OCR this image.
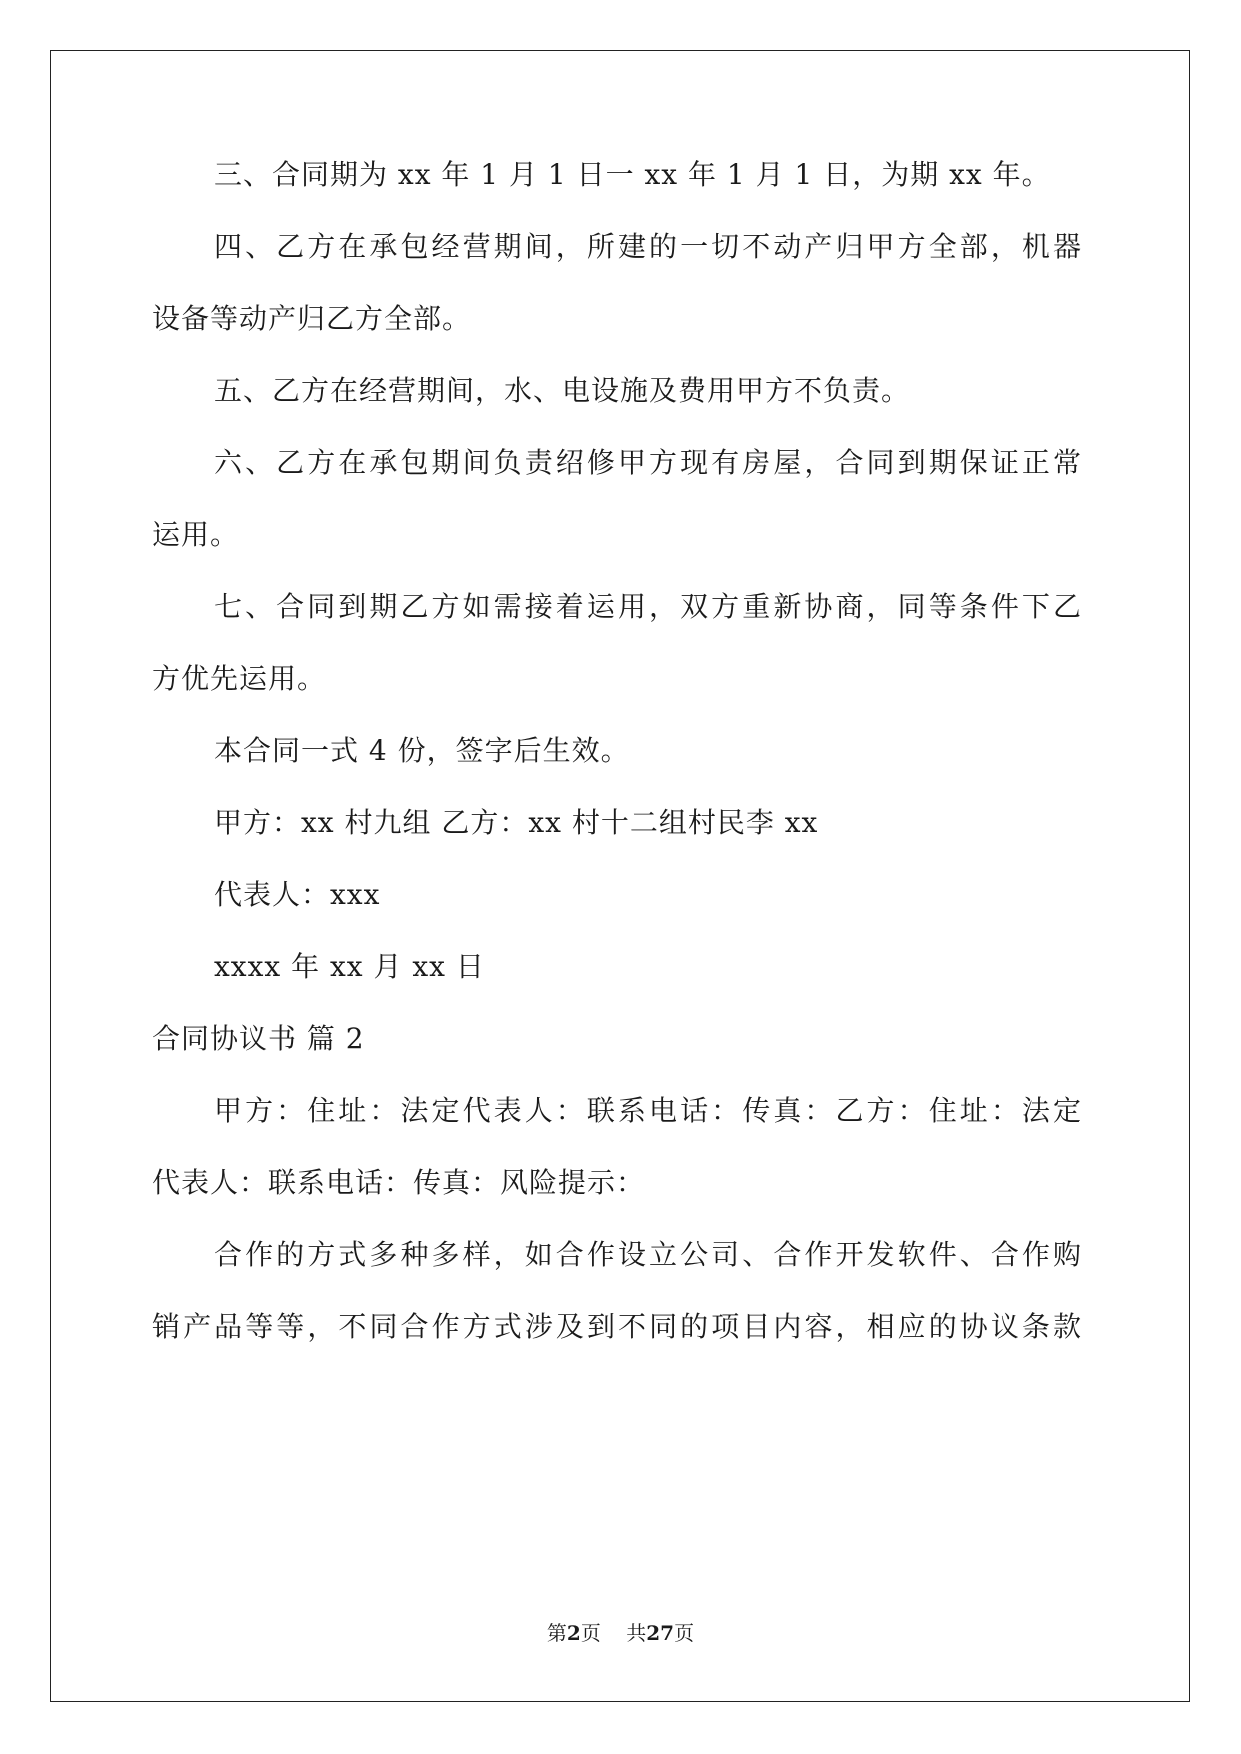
三、合同期为 xx 年 1 月 1 日一 xx 年 1 月 1 日，为期 xx 年。
四、乙方在承包经营期间，所建的一切不动产归甲方全部，机器
设备等动产归乙方全部。
五、乙方在经营期间，水、电设施及费用甲方不负责。
六、乙方在承包期间负责绍修甲方现有房屋，合同到期保证正常
运用。
七、合同到期乙方如需接着运用，双方重新协商，同等条件下乙
方优先运用。
本合同一式 4 份，签字后生效。
甲方：xx 村九组 乙方：xx 村十二组村民李 xx
代表人：xxx
xxxx 年 xx 月 xx 日
合同协议书 篇 2
甲方：住址：法定代表人：联系电话：传真：乙方：住址：法定
代表人：联系电话：传真：风险提示：
合作的方式多种多样，如合作设立公司、合作开发软件、合作购
销产品等等，不同合作方式涉及到不同的项目内容，相应的协议条款
第2页    共27页
